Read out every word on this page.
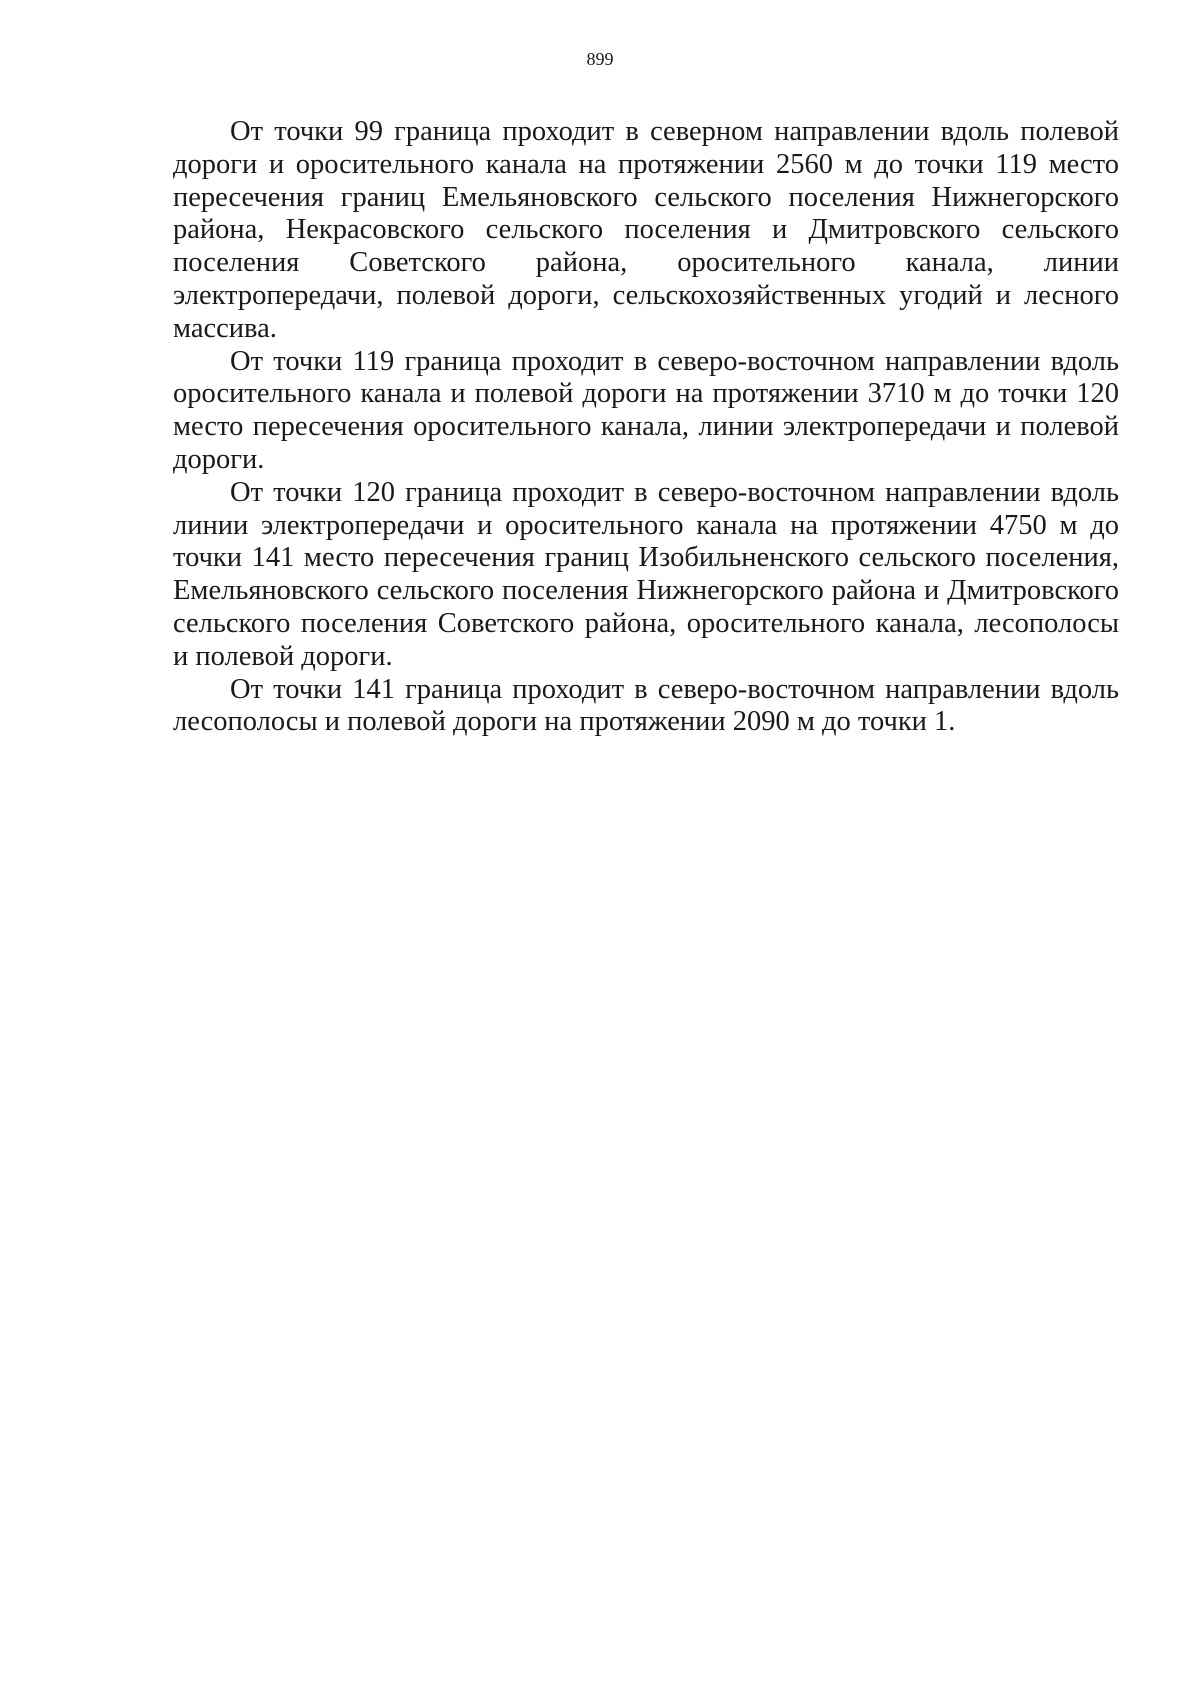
899

От точки 99 граница проходит в северном направлении вдоль полевой дороги и оросительного канала на протяжении 2560 м до точки 119 место пересечения границ Емельяновского сельского поселения Нижнегорского района, Некрасовского сельского поселения и Дмитровского сельского поселения Советского района, оросительного канала, линии электропередачи, полевой дороги, сельскохозяйственных угодий и лесного массива.

От точки 119 граница проходит в северо-восточном направлении вдоль оросительного канала и полевой дороги на протяжении 3710 м до точки 120 место пересечения оросительного канала, линии электропередачи и полевой дороги.

От точки 120 граница проходит в северо-восточном направлении вдоль линии электропередачи и оросительного канала на протяжении 4750 м до точки 141 место пересечения границ Изобильненского сельского поселения, Емельяновского сельского поселения Нижнегорского района и Дмитровского сельского поселения Советского района, оросительного канала, лесополосы и полевой дороги.

От точки 141 граница проходит в северо-восточном направлении вдоль лесополосы и полевой дороги на протяжении 2090 м до точки 1.
